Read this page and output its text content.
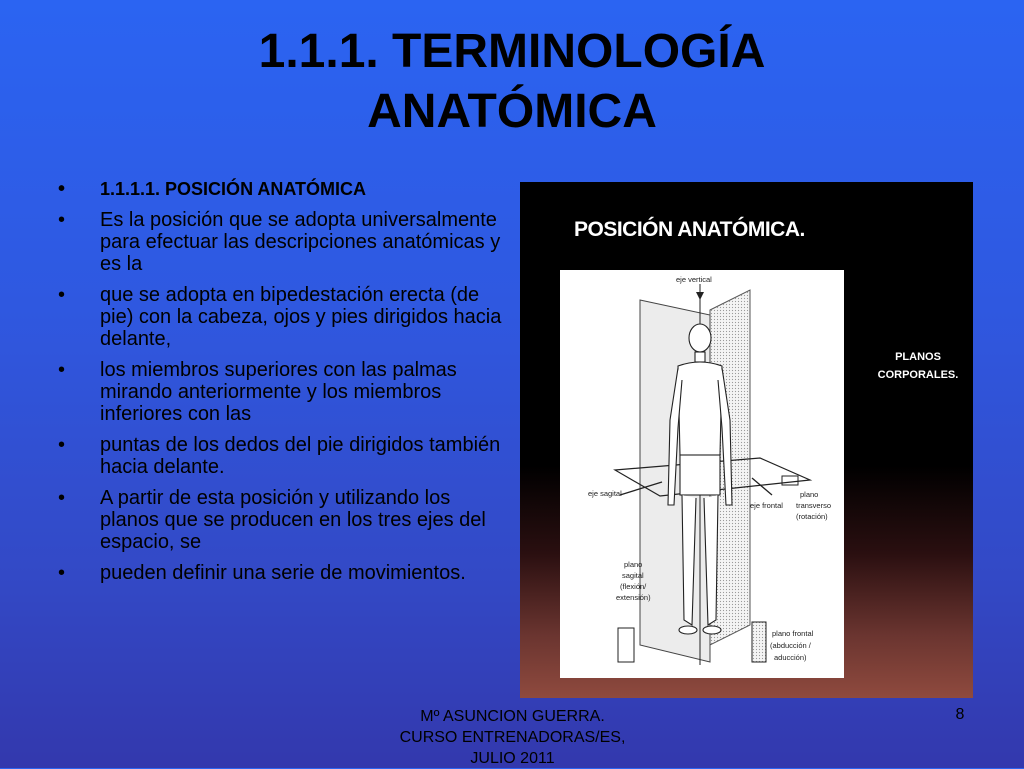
1.1.1. TERMINOLOGÍA
ANATÓMICA
• 1.1.1.1. POSICIÓN ANATÓMICA
• Es la posición que se adopta universalmente para efectuar las descripciones anatómicas y es la
• que se adopta en bipedestación erecta (de pie) con la cabeza, ojos y pies dirigidos hacia delante,
• los miembros superiores con las palmas mirando anteriormente y los miembros inferiores con las
• puntas de los dedos del pie dirigidos también hacia delante.
• A partir de esta posición y utilizando los planos que se producen en los tres ejes del espacio, se
• pueden definir una serie de movimientos.
POSICIÓN ANATÓMICA.
PLANOS
CORPORALES.
eje vertical
eje sagital
eje frontal
plano
transverso
(rotación)
plano
sagital
(flexión/
extensión)
plano frontal
(abducción /
aducción)
Mº ASUNCION GUERRA.
CURSO ENTRENADORAS/ES,
JULIO 2011
8
